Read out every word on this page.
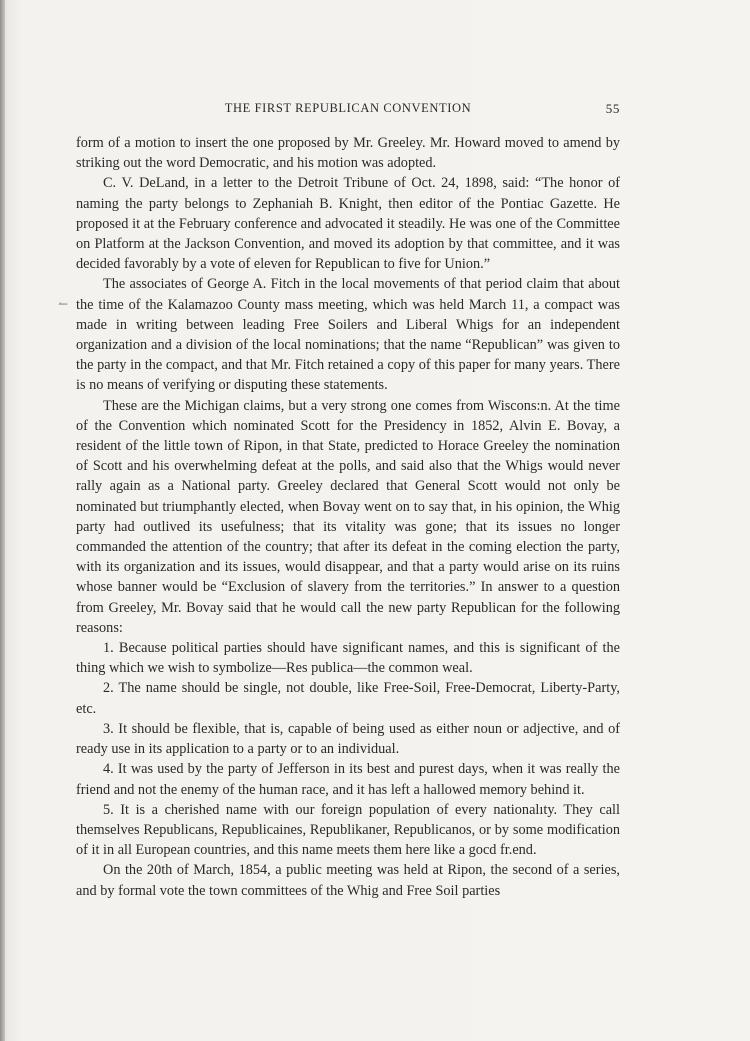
THE FIRST REPUBLICAN CONVENTION	55
↼

form of a motion to insert the one proposed by Mr. Greeley. Mr. Howard moved to amend by striking out the word Democratic, and his motion was adopted.

C. V. DeLand, in a letter to the Detroit Tribune of Oct. 24, 1898, said: “The honor of naming the party belongs to Zephaniah B. Knight, then editor of the Pontiac Gazette. He proposed it at the February conference and advocated it steadily. He was one of the Committee on Platform at the Jackson Convention, and moved its adoption by that committee, and it was decided favorably by a vote of eleven for Republican to five for Union.”

The associates of George A. Fitch in the local movements of that period claim that about the time of the Kalamazoo County mass meeting, which was held March 11, a compact was made in writing between leading Free Soilers and Liberal Whigs for an independent organization and a division of the local nominations; that the name “Republican” was given to the party in the compact, and that Mr. Fitch retained a copy of this paper for many years. There is no means of verifying or disputing these statements.

These are the Michigan claims, but a very strong one comes from Wiscons:n. At the time of the Convention which nominated Scott for the Presidency in 1852, Alvin E. Bovay, a resident of the little town of Ripon, in that State, predicted to Horace Greeley the nomination of Scott and his overwhelming defeat at the polls, and said also that the Whigs would never rally again as a National party. Greeley declared that General Scott would not only be nominated but triumphantly elected, when Bovay went on to say that, in his opinion, the Whig party had outlived its usefulness; that its vitality was gone; that its issues no longer commanded the attention of the country; that after its defeat in the coming election the party, with its organization and its issues, would disappear, and that a party would arise on its ruins whose banner would be “Exclusion of slavery from the territories.” In answer to a question from Greeley, Mr. Bovay said that he would call the new party Republican for the following reasons:

1. Because political parties should have significant names, and this is significant of the thing which we wish to symbolize—Res publica—the common weal.

2. The name should be single, not double, like Free-Soil, Free-Democrat, Liberty-Party, etc.

3. It should be flexible, that is, capable of being used as either noun or adjective, and of ready use in its application to a party or to an individual.

4. It was used by the party of Jefferson in its best and purest days, when it was really the friend and not the enemy of the human race, and it has left a hallowed memory behind it.

5. It is a cherished name with our foreign population of every nationalıty. They call themselves Republicans, Republicaines, Republikaner, Republicanos, or by some modification of it in all European countries, and this name meets them here like a gocd fr.end.

On the 20th of March, 1854, a public meeting was held at Ripon, the second of a series, and by formal vote the town committees of the Whig and Free Soil parties
